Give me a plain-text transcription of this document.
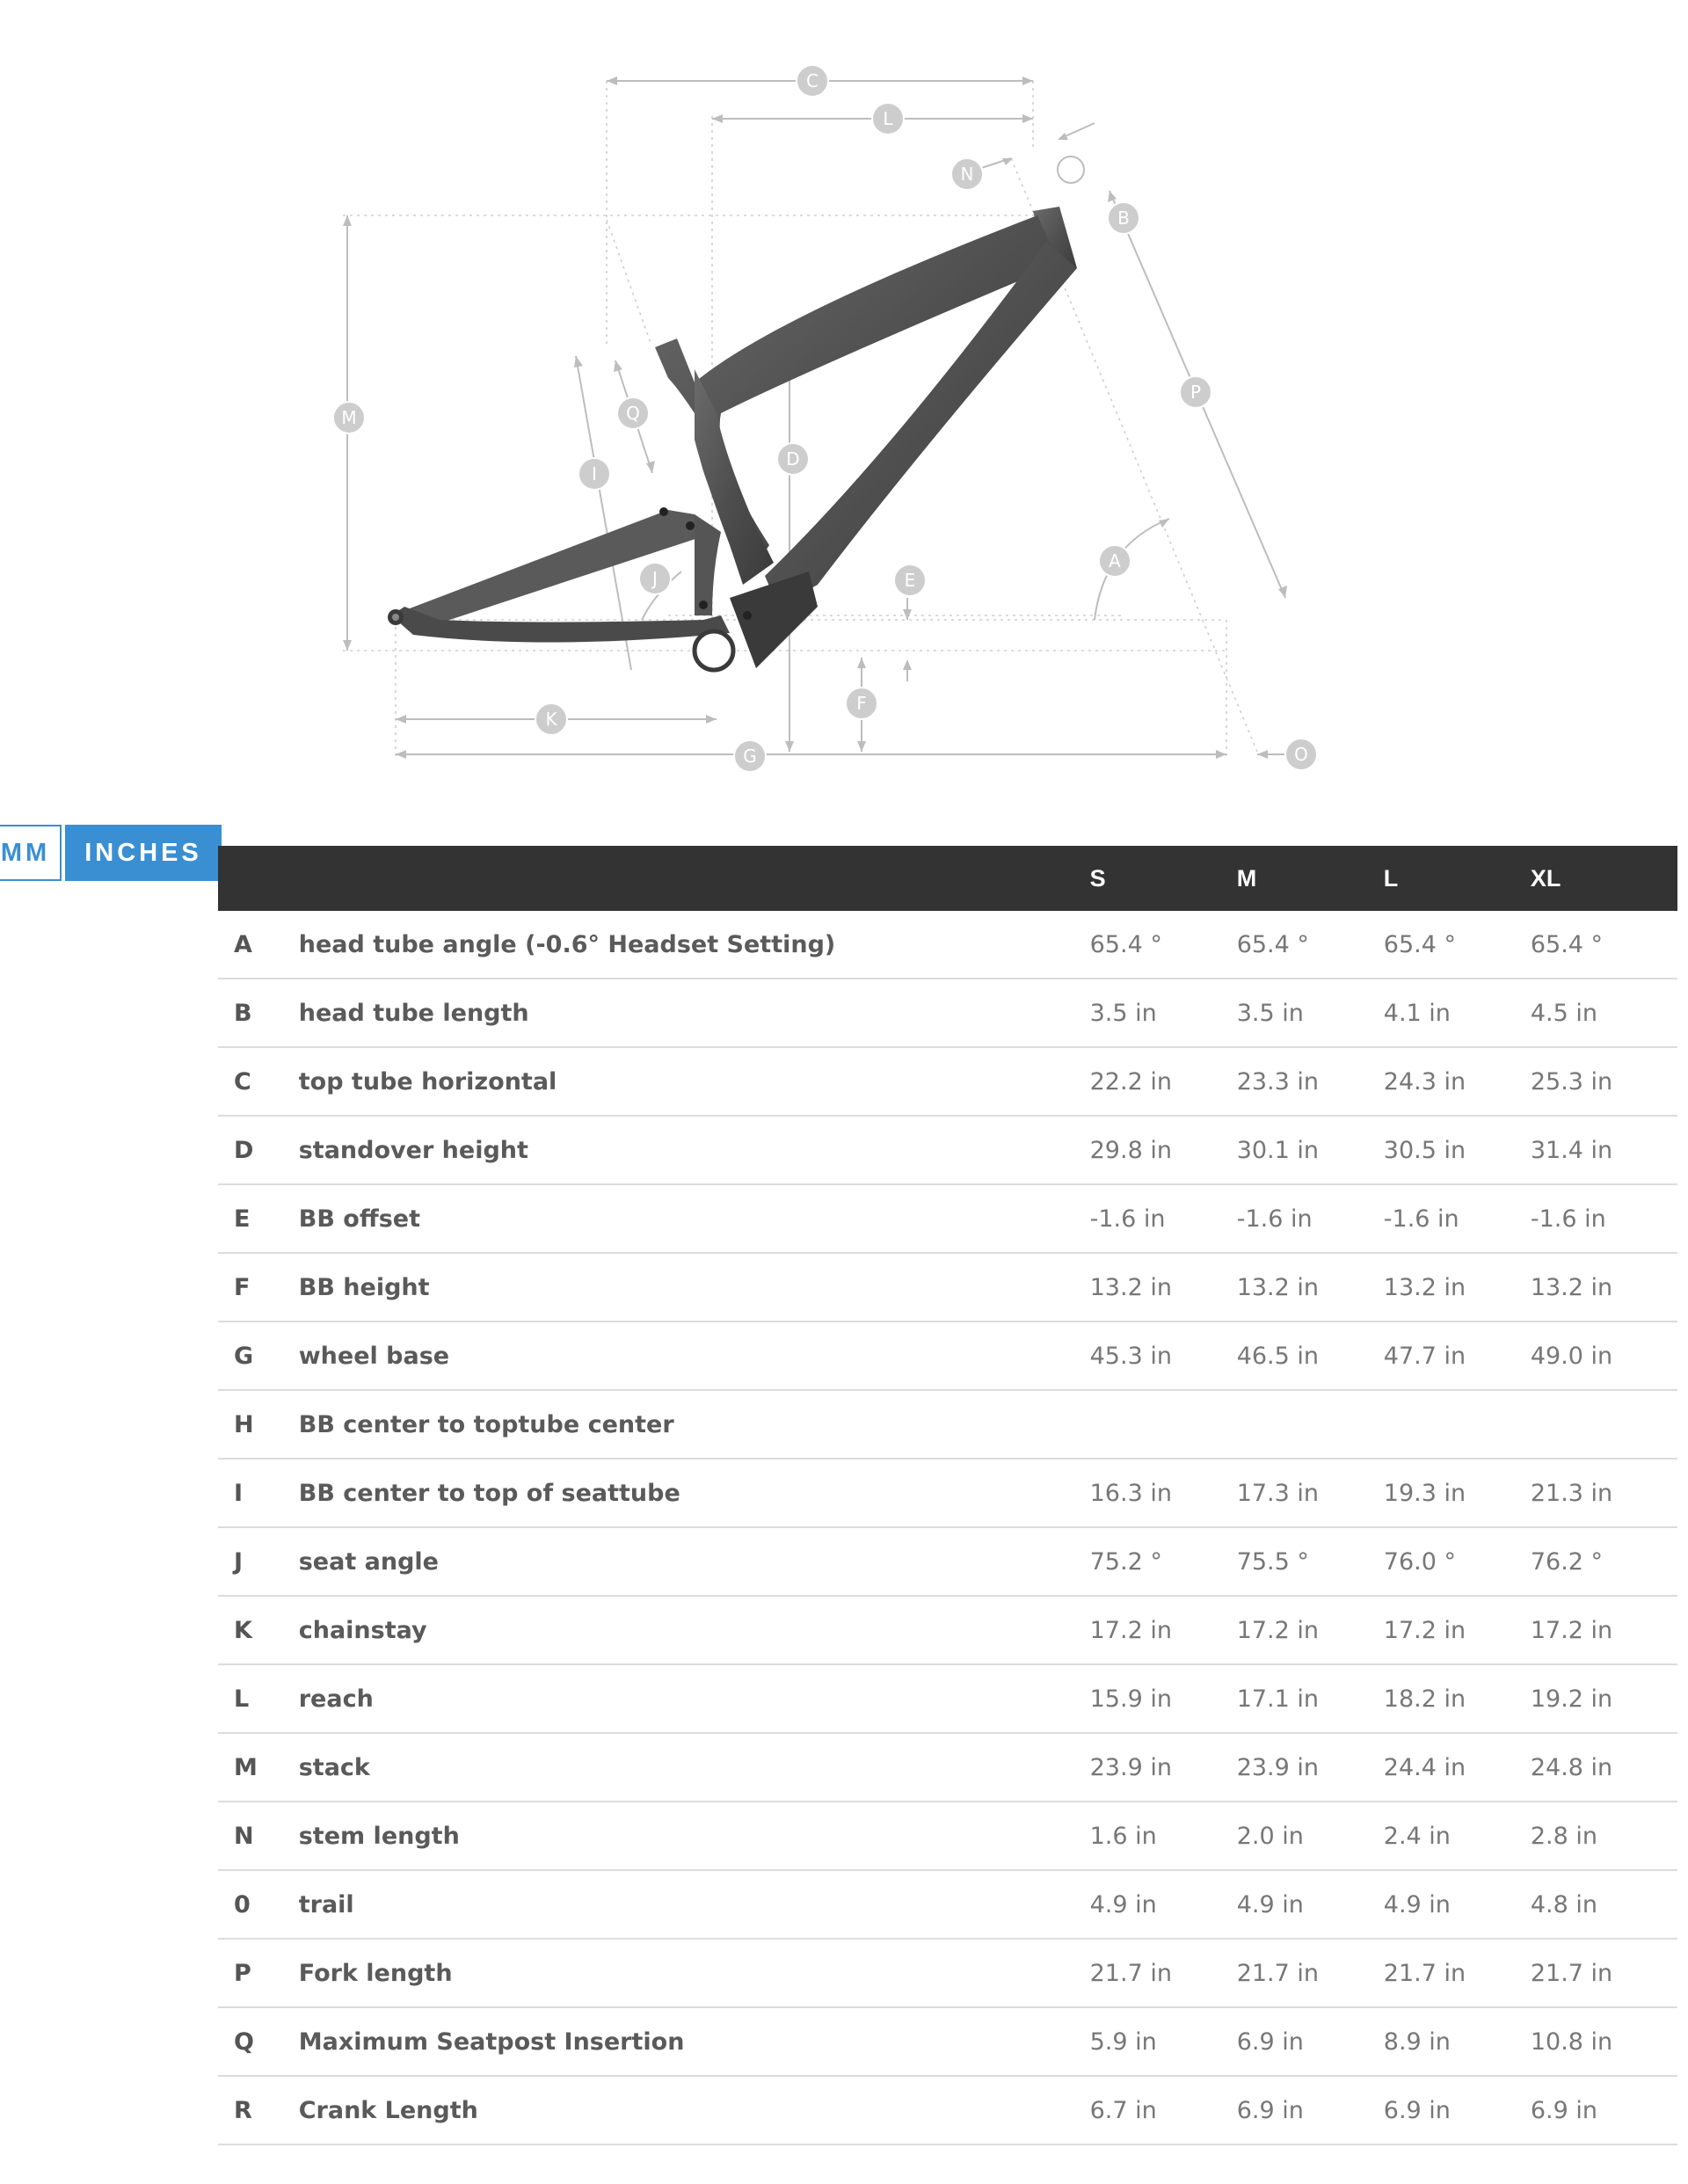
C
L
N
B
M	Q
I
D
P
J
A
E
F
K
G	O
MM	INCHES
		S	M	L	XL
A	head tube angle (-0.6° Headset Setting)	65.4 °	65.4 °	65.4 °	65.4 °
B	head tube length	3.5 in	3.5 in	4.1 in	4.5 in
C	top tube horizontal	22.2 in	23.3 in	24.3 in	25.3 in
D	standover height	29.8 in	30.1 in	30.5 in	31.4 in
E	BB offset	-1.6 in	-1.6 in	-1.6 in	-1.6 in
F	BB height	13.2 in	13.2 in	13.2 in	13.2 in
G	wheel base	45.3 in	46.5 in	47.7 in	49.0 in
H	BB center to toptube center				
I	BB center to top of seattube	16.3 in	17.3 in	19.3 in	21.3 in
J	seat angle	75.2 °	75.5 °	76.0 °	76.2 °
K	chainstay	17.2 in	17.2 in	17.2 in	17.2 in
L	reach	15.9 in	17.1 in	18.2 in	19.2 in
M	stack	23.9 in	23.9 in	24.4 in	24.8 in
N	stem length	1.6 in	2.0 in	2.4 in	2.8 in
0	trail	4.9 in	4.9 in	4.9 in	4.8 in
P	Fork length	21.7 in	21.7 in	21.7 in	21.7 in
Q	Maximum Seatpost Insertion	5.9 in	6.9 in	8.9 in	10.8 in
R	Crank Length	6.7 in	6.9 in	6.9 in	6.9 in
